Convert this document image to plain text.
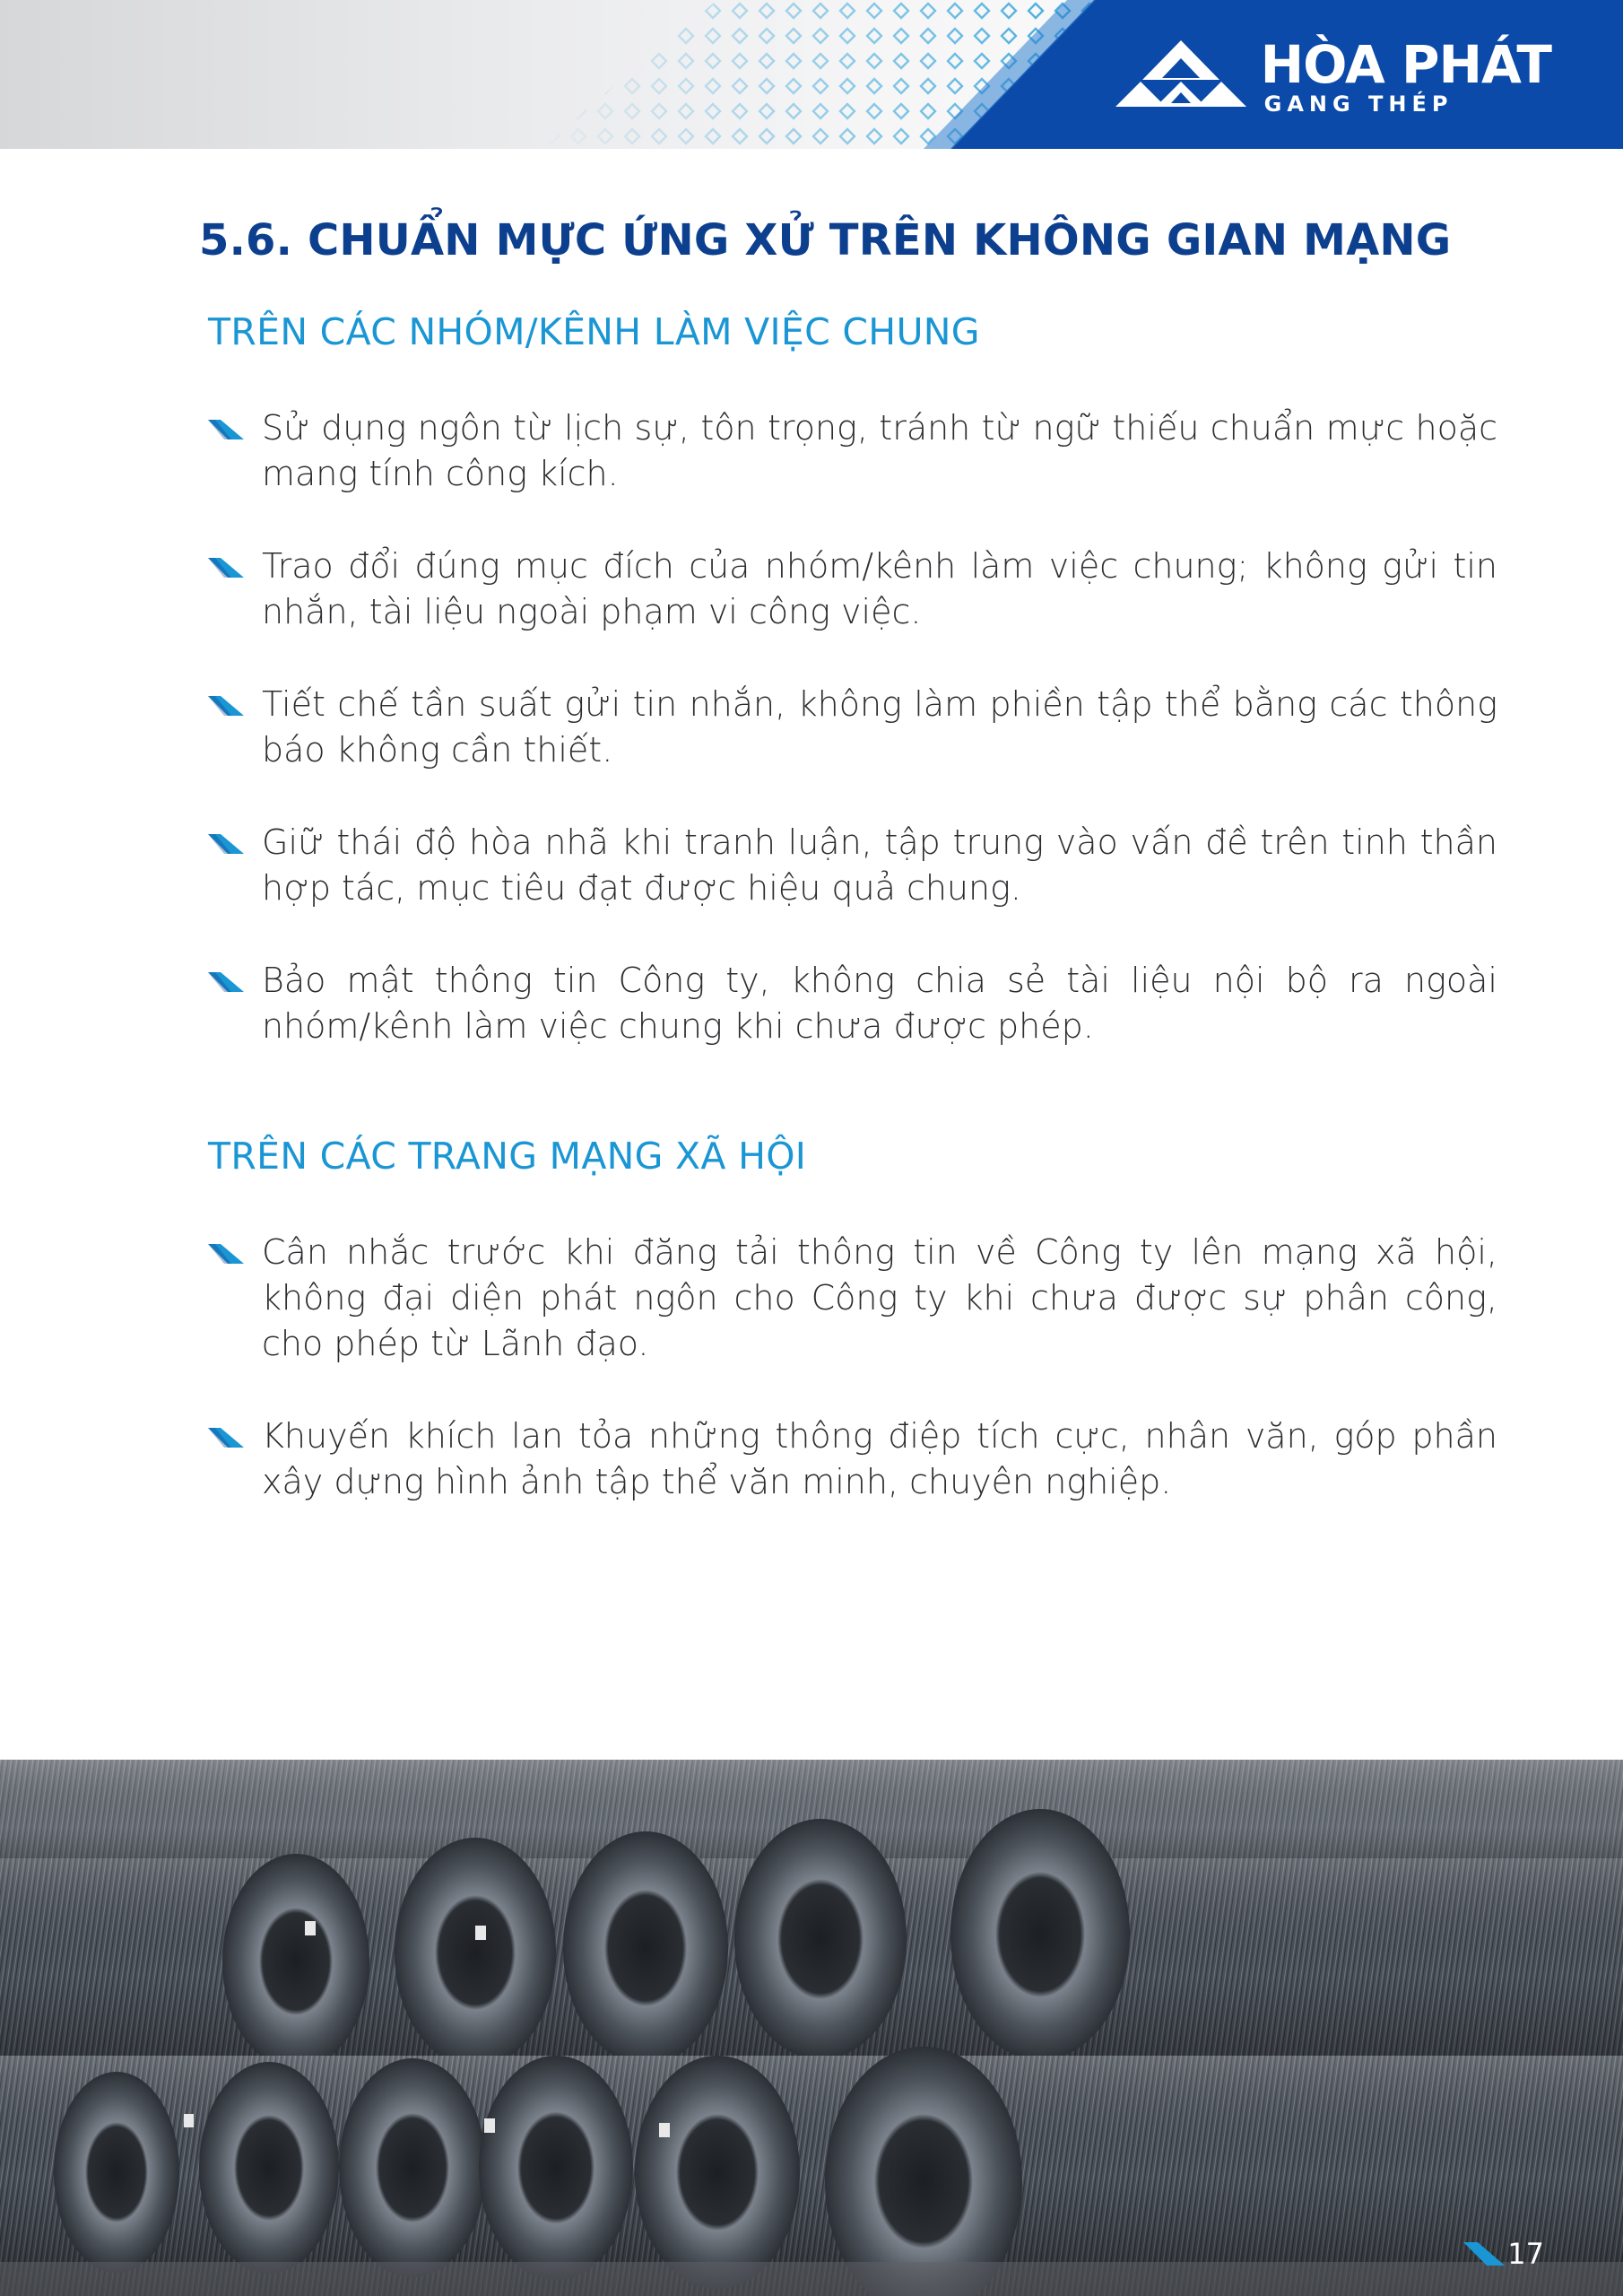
HÒA PHÁT
GANG THÉP
5.6. CHUẨN MỰC ỨNG XỬ TRÊN KHÔNG GIAN MẠNG
TRÊN CÁC NHÓM/KÊNH LÀM VIỆC CHUNG
Sử dụng ngôn từ lịch sự, tôn trọng, tránh từ ngữ thiếu chuẩn mực hoặc mang tính công kích.
Trao đổi đúng mục đích của nhóm/kênh làm việc chung; không gửi tin nhắn, tài liệu ngoài phạm vi công việc.
Tiết chế tần suất gửi tin nhắn, không làm phiền tập thể bằng các thông báo không cần thiết.
Giữ thái độ hòa nhã khi tranh luận, tập trung vào vấn đề trên tinh thần hợp tác, mục tiêu đạt được hiệu quả chung.
Bảo mật thông tin Công ty, không chia sẻ tài liệu nội bộ ra ngoài nhóm/kênh làm việc chung khi chưa được phép.
TRÊN CÁC TRANG MẠNG XÃ HỘI
Cân nhắc trước khi đăng tải thông tin về Công ty lên mạng xã hội, không đại diện phát ngôn cho Công ty khi chưa được sự phân công, cho phép từ Lãnh đạo.
Khuyến khích lan tỏa những thông điệp tích cực, nhân văn, góp phần xây dựng hình ảnh tập thể văn minh, chuyên nghiệp.
17
